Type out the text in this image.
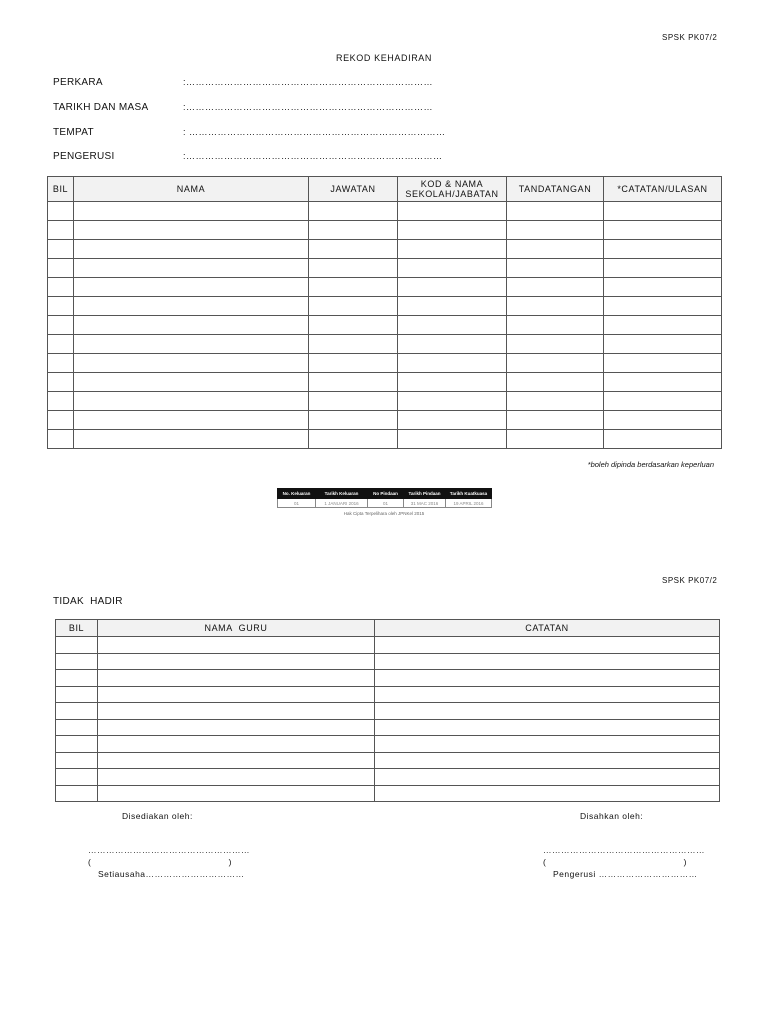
SPSK PK07/2
REKOD KEHADIRAN
PERKARA	:……………………………………………………………………
TARIKH DAN MASA	:……………………………………………………………………
TEMPAT	: ………………………………………………………………………
PENGERUSI	:………………………………………………………………………
BIL	NAMA	JAWATAN	KOD & NAMA SEKOLAH/JABATAN	TANDATANGAN	*CATATAN/ULASAN

*boleh dipinda berdasarkan keperluan
No. Keluaran	Tarikh Keluaran	No Pindaan	Tarikh Pindaan	Tarikh Kuatkuasa
01	1 JANUARI 2016	01	31 MAC 2016	19 APRIL 2016
Hak Cipta Terpelihara oleh JPNKel 2015
SPSK PK07/2
TIDAK  HADIR
BIL	NAMA  GURU	CATATAN

Disediakan oleh:
………………………………………………
(                                                )
Setiausaha……………………………
Disahkan oleh:
………………………………………………
(                                                )
Pengerusi ……………………………
